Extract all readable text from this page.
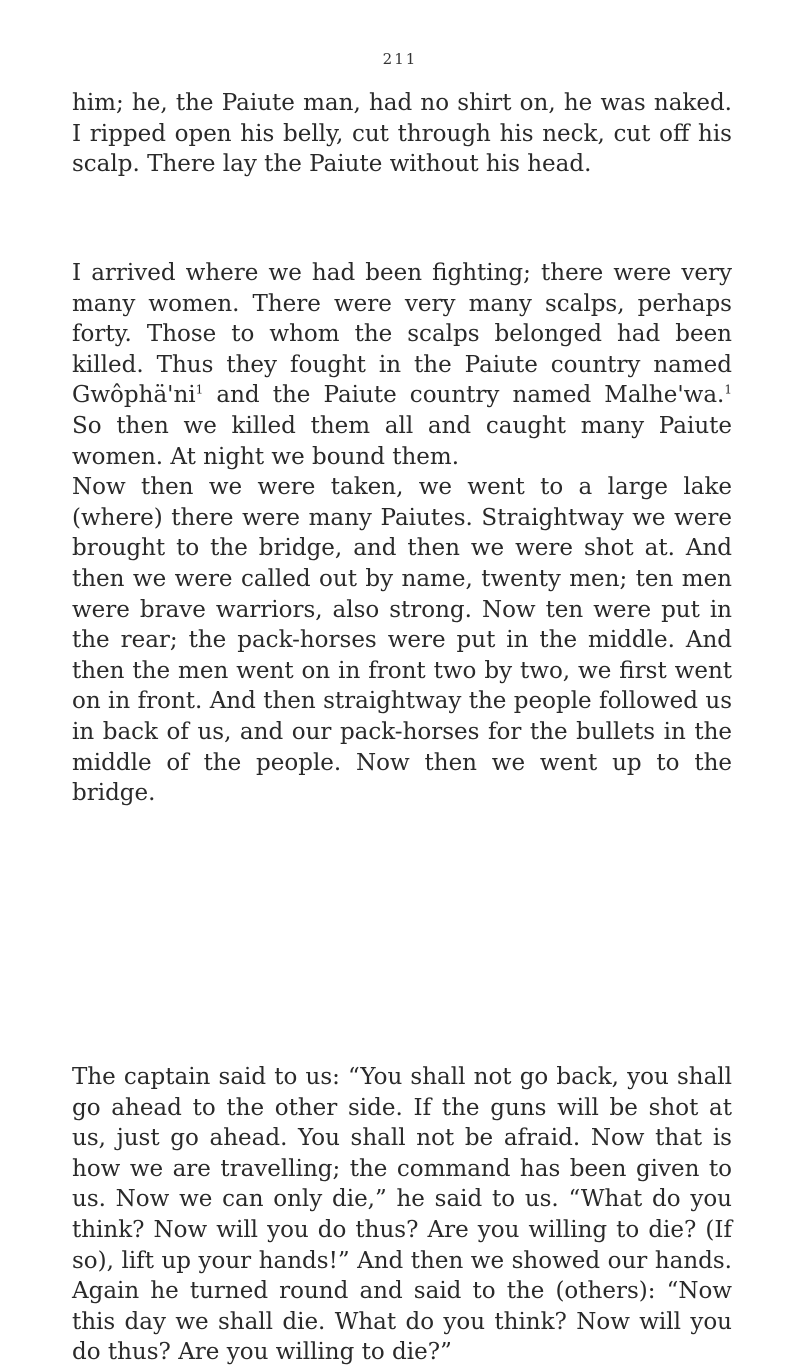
211

him; he, the Paiute man, had no shirt on, he was naked. I ripped open his belly, cut through his neck, cut off his scalp. There lay the Paiute without his head.

I arrived where we had been fighting; there were very many women. There were very many scalps, perhaps forty. Those to whom the scalps belonged had been killed. Thus they fought in the Paiute country named $Gwôphä'ni^1$ and the Paiute country named Malhe'wa.$^1$ So then we killed them all and caught many Paiute women. At night we bound them.

Now then we were taken, we went to a large lake (where) there were many Paiutes. Straightway we were brought to the bridge, and then we were shot at. And then we were called out by name, twenty men; ten men were brave warriors, also strong. Now ten were put in the rear; the pack-horses were put in the middle. And then the men went on in front two by two, we first went on in front. And then straightway the people followed us in back of us, and our pack-horses for the bullets in the middle of the people. Now then we went up to the bridge.

The captain said to us: “You shall not go back, you shall go ahead to the other side. If the guns will be shot at us, just go ahead. You shall not be afraid. Now that is how we are travelling; the command has been given to us. Now we can only die,” he said to us. “What do you think? Now will you do thus? Are you willing to die? (If so), lift up your hands!” And then we showed our hands. Again he turned round and said to the (others): “Now this day we shall die. What do you think? Now will you do thus? Are you willing to die?”
